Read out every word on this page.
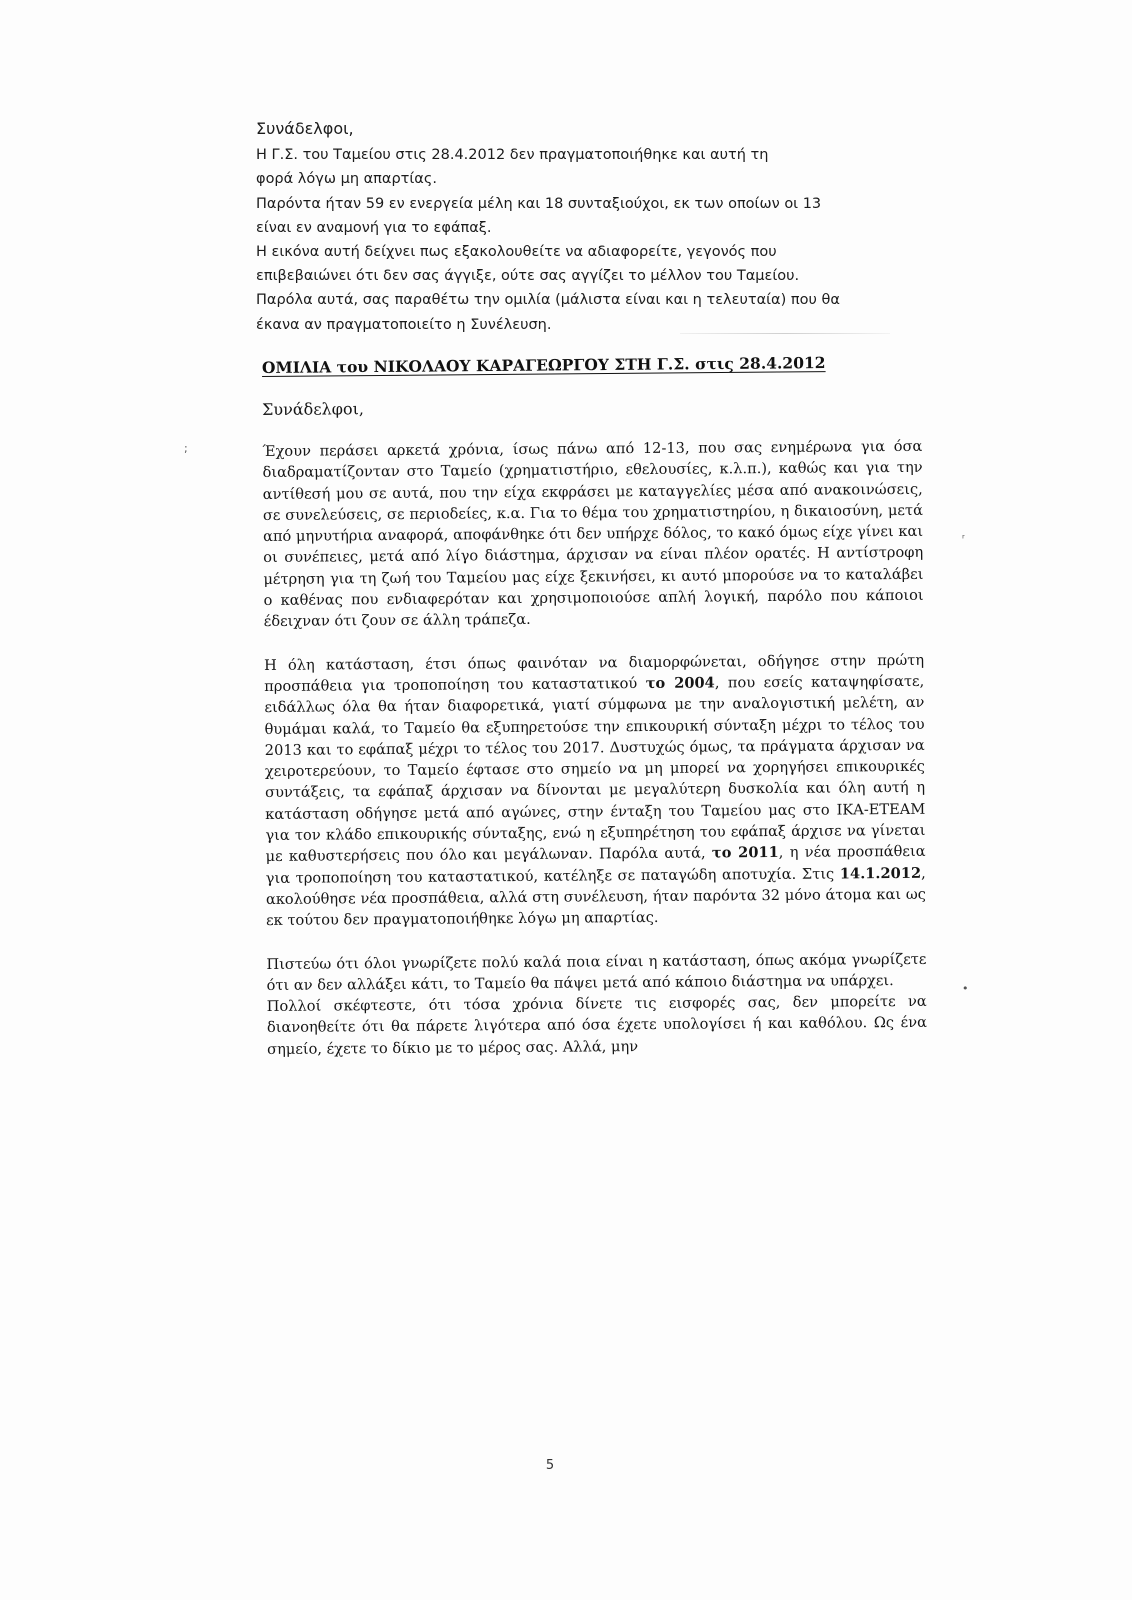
Συνάδελφοι,
Η Γ.Σ. του Ταμείου στις 28.4.2012 δεν πραγματοποιήθηκε και αυτή τη
φορά λόγω μη απαρτίας.
Παρόντα ήταν 59 εν ενεργεία μέλη και 18 συνταξιούχοι, εκ των οποίων οι 13
είναι εν αναμονή για το εφάπαξ.
Η εικόνα αυτή δείχνει πως εξακολουθείτε να αδιαφορείτε, γεγονός που
επιβεβαιώνει ότι δεν σας άγγιξε, ούτε σας αγγίζει το μέλλον του Ταμείου.
Παρόλα αυτά, σας παραθέτω την ομιλία (μάλιστα είναι και η τελευταία) που θα
έκανα αν πραγματοποιείτο η Συνέλευση.
ΟΜΙΛΙΑ του ΝΙΚΟΛΑΟΥ ΚΑΡΑΓΕΩΡΓΟΥ ΣΤΗ Γ.Σ. στις 28.4.2012
Συνάδελφοι,

Έχουν περάσει αρκετά χρόνια, ίσως πάνω από 12-13, που σας ενημέρωνα για όσα διαδραματίζονταν στο Ταμείο (χρηματιστήριο, εθελουσίες, κ.λ.π.), καθώς και για την αντίθεσή μου σε αυτά, που την είχα εκφράσει με καταγγελίες μέσα από ανακοινώσεις, σε συνελεύσεις, σε περιοδείες, κ.α. Για το θέμα του χρηματιστηρίου, η δικαιοσύνη, μετά από μηνυτήρια αναφορά, αποφάνθηκε ότι δεν υπήρχε δόλος, το κακό όμως είχε γίνει και οι συνέπειες, μετά από λίγο διάστημα, άρχισαν να είναι πλέον ορατές. Η αντίστροφη μέτρηση για τη ζωή του Ταμείου μας είχε ξεκινήσει, κι αυτό μπορούσε να το καταλάβει ο καθένας που ενδιαφερόταν και χρησιμοποιούσε απλή λογική, παρόλο που κάποιοι έδειχναν ότι ζουν σε άλλη τράπεζα.

Η όλη κατάσταση, έτσι όπως φαινόταν να διαμορφώνεται, οδήγησε στην πρώτη προσπάθεια για τροποποίηση του καταστατικού το 2004, που εσείς καταψηφίσατε, ειδάλλως όλα θα ήταν διαφορετικά, γιατί σύμφωνα με την αναλογιστική μελέτη, αν θυμάμαι καλά, το Ταμείο θα εξυπηρετούσε την επικουρική σύνταξη μέχρι το τέλος του 2013 και το εφάπαξ μέχρι το τέλος του 2017. Δυστυχώς όμως, τα πράγματα άρχισαν να χειροτερεύουν, το Ταμείο έφτασε στο σημείο να μη μπορεί να χορηγήσει επικουρικές συντάξεις, τα εφάπαξ άρχισαν να δίνονται με μεγαλύτερη δυσκολία και όλη αυτή η κατάσταση οδήγησε μετά από αγώνες, στην ένταξη του Ταμείου μας στο ΙΚΑ-ΕΤΕΑΜ για τον κλάδο επικουρικής σύνταξης, ενώ η εξυπηρέτηση του εφάπαξ άρχισε να γίνεται με καθυστερήσεις που όλο και μεγάλωναν. Παρόλα αυτά, το 2011, η νέα προσπάθεια για τροποποίηση του καταστατικού, κατέληξε σε παταγώδη αποτυχία. Στις 14.1.2012, ακολούθησε νέα προσπάθεια, αλλά στη συνέλευση, ήταν παρόντα 32 μόνο άτομα και ως εκ τούτου δεν πραγματοποιήθηκε λόγω μη απαρτίας.

Πιστεύω ότι όλοι γνωρίζετε πολύ καλά ποια είναι η κατάσταση, όπως ακόμα γνωρίζετε ότι αν δεν αλλάξει κάτι, το Ταμείο θα πάψει μετά από κάποιο διάστημα να υπάρχει.

Πολλοί σκέφτεστε, ότι τόσα χρόνια δίνετε τις εισφορές σας, δεν μπορείτε να διανοηθείτε ότι θα πάρετε λιγότερα από όσα έχετε υπολογίσει ή και καθόλου. Ως ένα σημείο, έχετε το δίκιο με το μέρος σας. Αλλά, μην

5
;
ʳ
•
